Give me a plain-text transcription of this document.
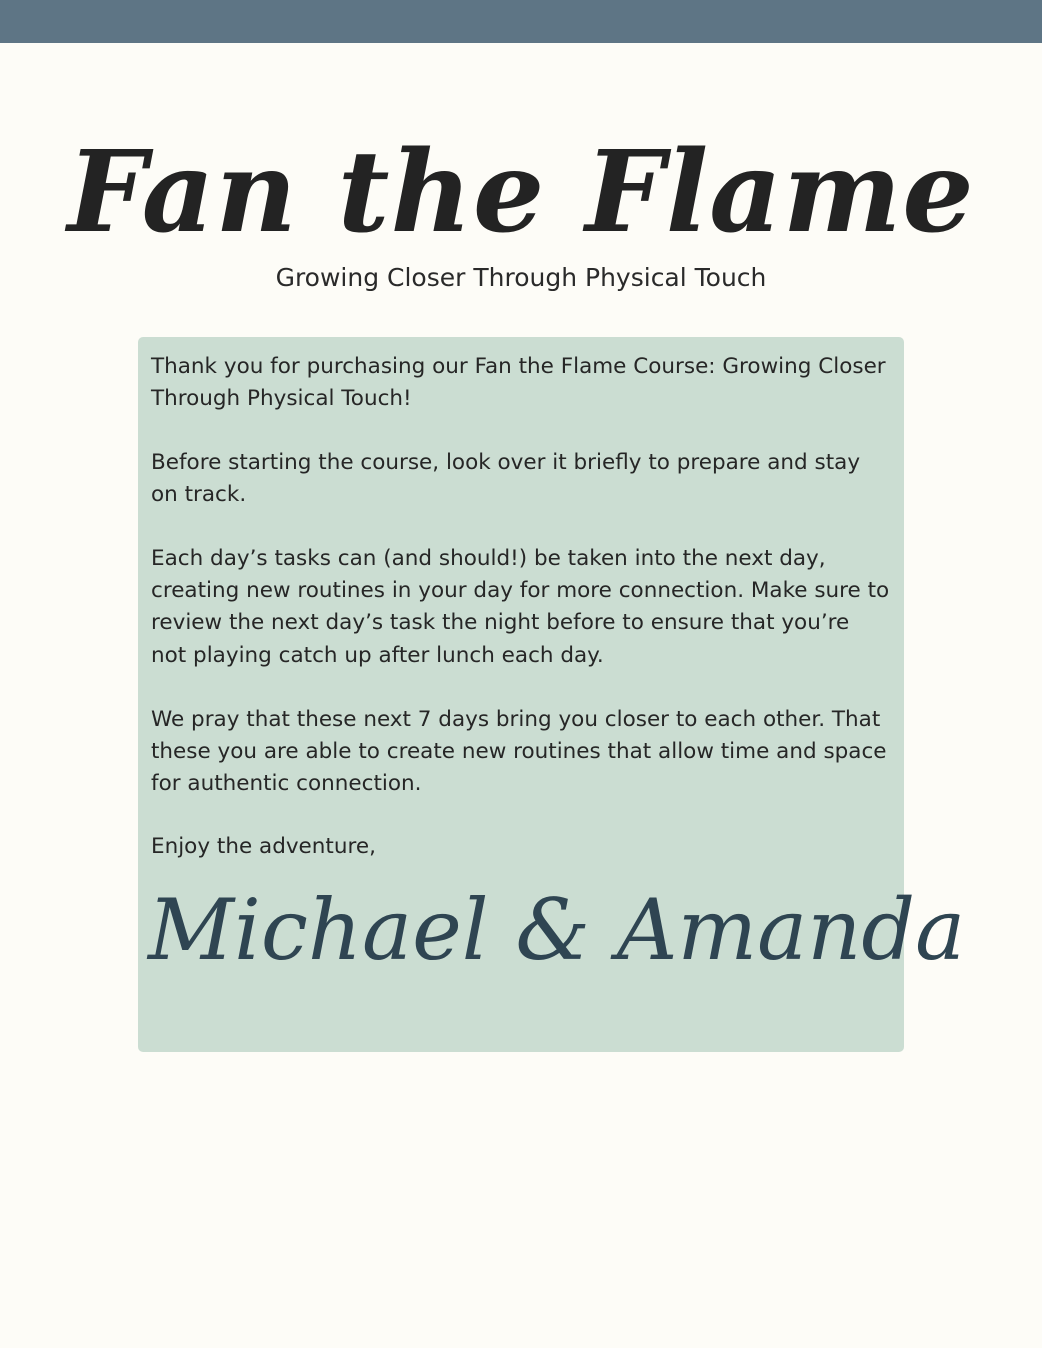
Fan the Flame
Growing Closer Through Physical Touch

Thank you for purchasing our Fan the Flame Course: Growing Closer Through Physical Touch!

Before starting the course, look over it briefly to prepare and stay on track.

Each day’s tasks can (and should!) be taken into the next day, creating new routines in your day for more connection. Make sure to review the next day’s task the night before to ensure that you’re not playing catch up after lunch each day.

We pray that these next 7 days bring you closer to each other. That these you are able to create new routines that allow time and space for authentic connection.

Enjoy the adventure,

Michael & Amanda
